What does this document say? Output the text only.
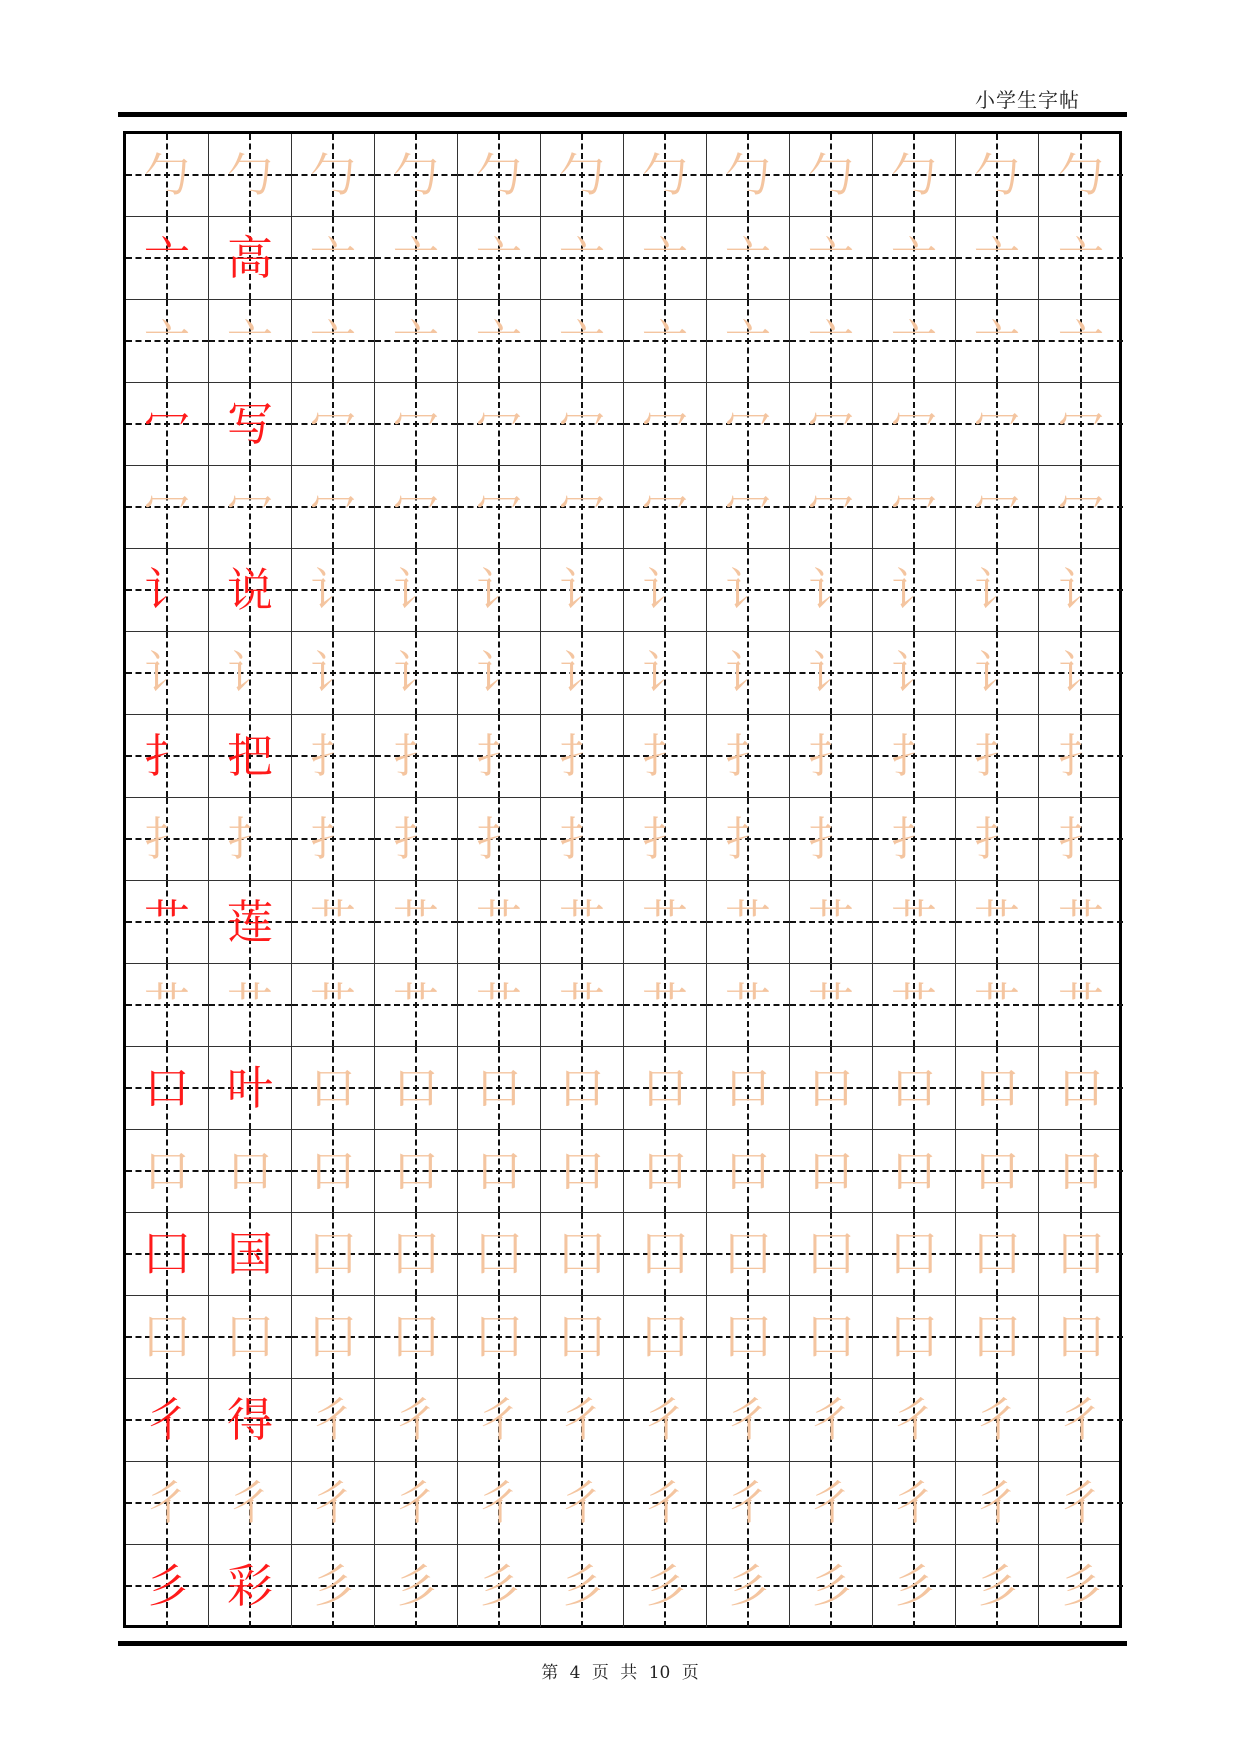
小学生字帖
勹 勹 勹 勹 勹 勹 勹 勹 勹 勹 勹 勹
亠 高 亠 亠 亠 亠 亠 亠 亠 亠 亠 亠
亠 亠 亠 亠 亠 亠 亠 亠 亠 亠 亠 亠
冖 写 冖 冖 冖 冖 冖 冖 冖 冖 冖 冖
冖 冖 冖 冖 冖 冖 冖 冖 冖 冖 冖 冖
讠 说 讠 讠 讠 讠 讠 讠 讠 讠 讠 讠
讠 讠 讠 讠 讠 讠 讠 讠 讠 讠 讠 讠
扌 把 扌 扌 扌 扌 扌 扌 扌 扌 扌 扌
扌 扌 扌 扌 扌 扌 扌 扌 扌 扌 扌 扌
艹 莲 艹 艹 艹 艹 艹 艹 艹 艹 艹 艹
艹 艹 艹 艹 艹 艹 艹 艹 艹 艹 艹 艹
口 叶 口 口 口 口 口 口 口 口 口 口
口 口 口 口 口 口 口 口 口 口 口 口
囗 国 囗 囗 囗 囗 囗 囗 囗 囗 囗 囗
囗 囗 囗 囗 囗 囗 囗 囗 囗 囗 囗 囗
彳 得 彳 彳 彳 彳 彳 彳 彳 彳 彳 彳
彳 彳 彳 彳 彳 彳 彳 彳 彳 彳 彳 彳
彡 彩 彡 彡 彡 彡 彡 彡 彡 彡 彡 彡
第 4 页 共 10 页
